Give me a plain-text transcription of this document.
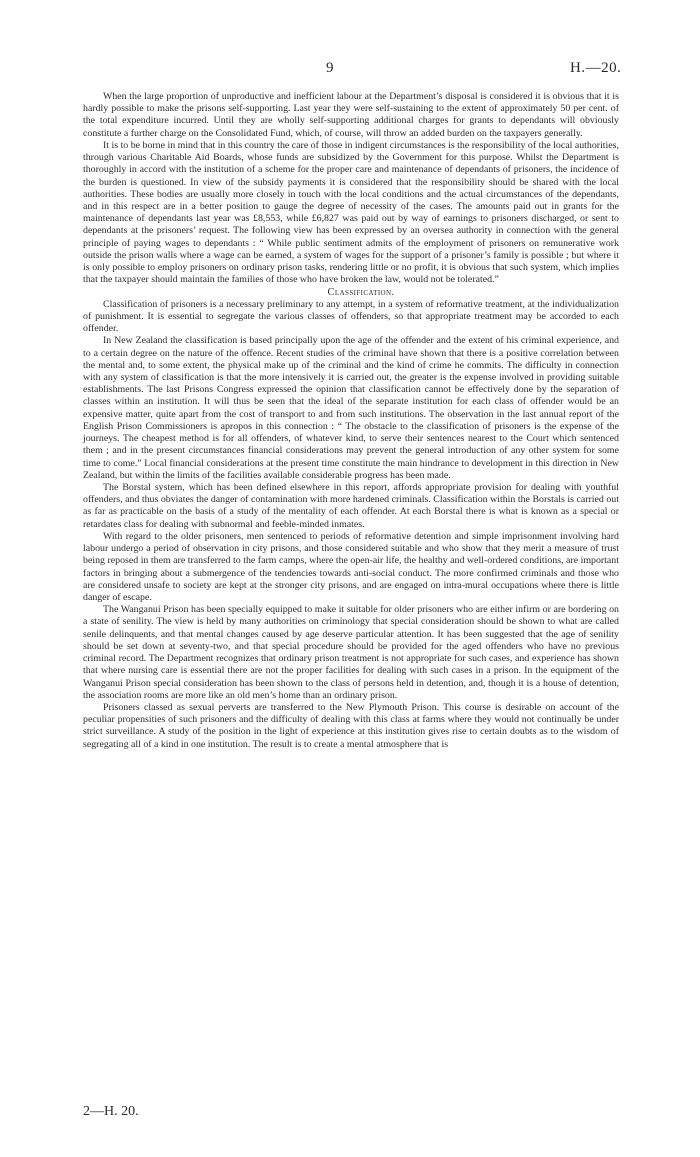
9	H.—20.

When the large proportion of unproductive and inefficient labour at the Department’s disposal is considered it is obvious that it is hardly possible to make the prisons self-supporting. Last year they were self-sustaining to the extent of approximately 50 per cent. of the total expenditure incurred. Until they are wholly self-supporting additional charges for grants to dependants will obviously constitute a further charge on the Consolidated Fund, which, of course, will throw an added burden on the taxpayers generally.

It is to be borne in mind that in this country the care of those in indigent circumstances is the responsibility of the local authorities, through various Charitable Aid Boards, whose funds are subsidized by the Government for this purpose. Whilst the Department is thoroughly in accord with the institution of a scheme for the proper care and maintenance of dependants of prisoners, the incidence of the burden is questioned. In view of the subsidy payments it is considered that the responsibility should be shared with the local authorities. These bodies are usually more closely in touch with the local conditions and the actual circumstances of the dependants, and in this respect are in a better position to gauge the degree of necessity of the cases. The amounts paid out in grants for the maintenance of dependants last year was £8,553, while £6,827 was paid out by way of earnings to prisoners discharged, or sent to dependants at the prisoners’ request. The following view has been expressed by an oversea authority in connection with the general principle of paying wages to dependants : “ While public sentiment admits of the employment of prisoners on remunerative work outside the prison walls where a wage can be earned, a system of wages for the support of a prisoner’s family is possible ; but where it is only possible to employ prisoners on ordinary prison tasks, rendering little or no profit, it is obvious that such system, which implies that the taxpayer should maintain the families of those who have broken the law, would not be tolerated.”

Classification.

Classification of prisoners is a necessary preliminary to any attempt, in a system of reformative treatment, at the individualization of punishment. It is essential to segregate the various classes of offenders, so that appropriate treatment may be accorded to each offender.

In New Zealand the classification is based principally upon the age of the offender and the extent of his criminal experience, and to a certain degree on the nature of the offence. Recent studies of the criminal have shown that there is a positive correlation between the mental and, to some extent, the physical make up of the criminal and the kind of crime he commits. The difficulty in connection with any system of classification is that the more intensively it is carried out, the greater is the expense involved in providing suitable establishments. The last Prisons Congress expressed the opinion that classification cannot be effectively done by the separation of classes within an institution. It will thus be seen that the ideal of the separate institution for each class of offender would be an expensive matter, quite apart from the cost of transport to and from such institutions. The observation in the last annual report of the English Prison Commissioners is apropos in this connection : “ The obstacle to the classification of prisoners is the expense of the journeys. The cheapest method is for all offenders, of whatever kind, to serve their sentences nearest to the Court which sentenced them ; and in the present circumstances financial considerations may prevent the general introduction of any other system for some time to come.” Local financial considerations at the present time constitute the main hindrance to development in this direction in New Zealand, but within the limits of the facilities available considerable progress has been made.

The Borstal system, which has been defined elsewhere in this report, affords appropriate provision for dealing with youthful offenders, and thus obviates the danger of contamination with more hardened criminals. Classification within the Borstals is carried out as far as practicable on the basis of a study of the mentality of each offender. At each Borstal there is what is known as a special or retardates class for dealing with subnormal and feeble-minded inmates.

With regard to the older prisoners, men sentenced to periods of reformative detention and simple imprisonment involving hard labour undergo a period of observation in city prisons, and those considered suitable and who show that they merit a measure of trust being reposed in them are transferred to the farm camps, where the open-air life, the healthy and well-ordered conditions, are important factors in bringing about a submergence of the tendencies towards anti-social conduct. The more confirmed criminals and those who are considered unsafe to society are kept at the stronger city prisons, and are engaged on intra-mural occupations where there is little danger of escape.

The Wanganui Prison has been specially equipped to make it suitable for older prisoners who are either infirm or are bordering on a state of senility. The view is held by many authorities on criminology that special consideration should be shown to what are called senile delinquents, and that mental changes caused by age deserve particular attention. It has been suggested that the age of senility should be set down at seventy-two, and that special procedure should be provided for the aged offenders who have no previous criminal record. The Department recognizes that ordinary prison treatment is not appropriate for such cases, and experience has shown that where nursing care is essential there are not the proper facilities for dealing with such cases in a prison. In the equipment of the Wanganui Prison special consideration has been shown to the class of persons held in detention, and, though it is a house of detention, the association rooms are more like an old men’s home than an ordinary prison.

Prisoners classed as sexual perverts are transferred to the New Plymouth Prison. This course is desirable on account of the peculiar propensities of such prisoners and the difficulty of dealing with this class at farms where they would not continually be under strict surveillance. A study of the position in the light of experience at this institution gives rise to certain doubts as to the wisdom of segregating all of a kind in one institution. The result is to create a mental atmosphere that is

2—H. 20.
